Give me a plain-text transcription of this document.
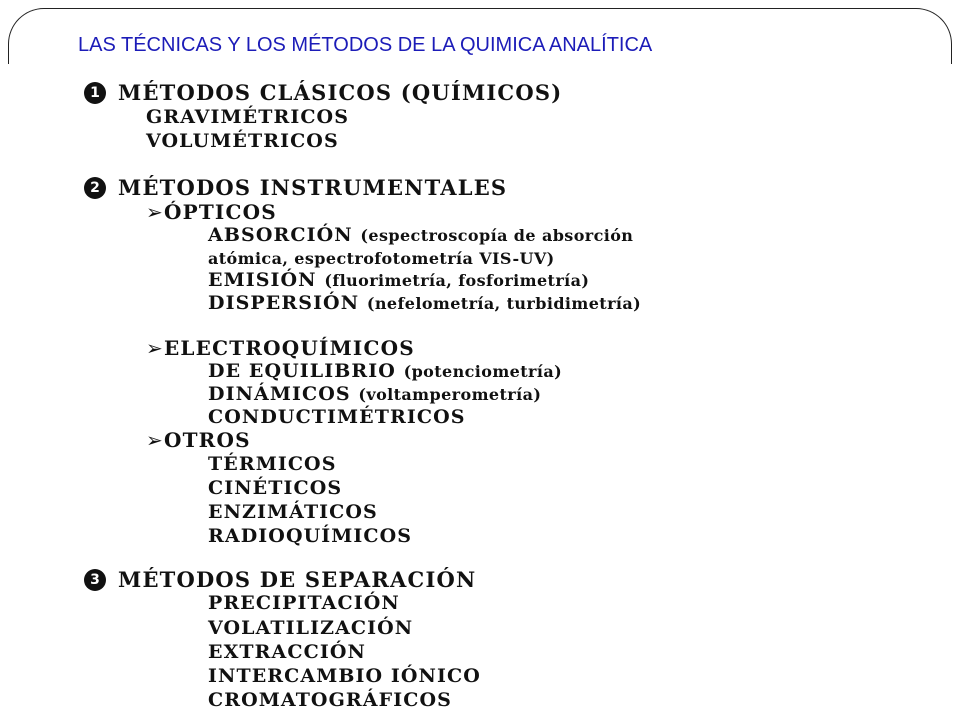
LAS TÉCNICAS Y LOS MÉTODOS DE LA QUIMICA ANALÍTICA
1 MÉTODOS CLÁSICOS (QUÍMICOS)
GRAVIMÉTRICOS
VOLUMÉTRICOS
2 MÉTODOS INSTRUMENTALES
➢ÓPTICOS
ABSORCIÓN (espectroscopía de absorción
atómica, espectrofotometría VIS-UV)
EMISIÓN (fluorimetría, fosforimetría)
DISPERSIÓN (nefelometría, turbidimetría)
➢ELECTROQUÍMICOS
DE EQUILIBRIO (potenciometría)
DINÁMICOS (voltamperometría)
CONDUCTIMÉTRICOS
➢OTROS
TÉRMICOS
CINÉTICOS
ENZIMÁTICOS
RADIOQUÍMICOS
3 MÉTODOS DE SEPARACIÓN
PRECIPITACIÓN
VOLATILIZACIÓN
EXTRACCIÓN
INTERCAMBIO IÓNICO
CROMATOGRÁFICOS
